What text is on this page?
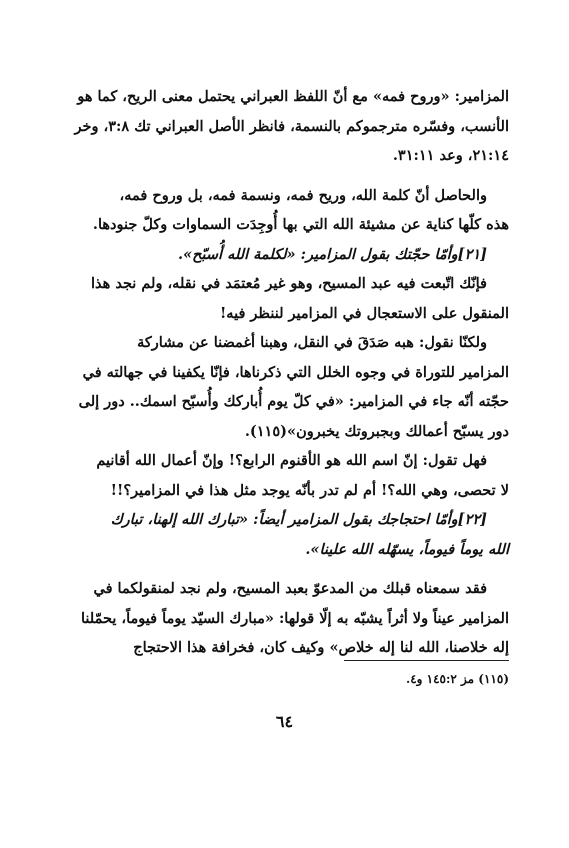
المزامير: «وروح فمه» مع أنّ اللفظ العبراني يحتمل معنى الريح، كما هو
الأنسب، وفسّره مترجموكم بالنسمة، فانظر الأصل العبراني تك ٣:٨، وخر
٢١:١٤، وعد ٣١:١١.
والحاصل أنّ كلمة الله، وريح فمه، ونسمة فمه، بل وروح فمه،
هذه كلّها كناية عن مشيئة الله التي بها أُوجِدَت السماوات وكلّ جنودها.
[٢١]وأمّا حجّتك بقول المزامير: «لكلمة الله أُسبّح».
فإنّك اتّبعت فيه عبد المسيح، وهو غير مُعتمَد في نقله، ولم نجد هذا
المنقول على الاستعجال في المزامير لننظر فيه!
ولكنّا نقول: هبه صَدَقَ في النقل، وهبنا أغمضنا عن مشاركة
المزامير للتوراة في وجوه الخلل التي ذكرناها، فإنّا يكفينا في جهالته في
حجّته أنّه جاء في المزامير: «في كلّ يوم أُباركك وأُسبّح اسمك.. دور إلى
دور يسبّح أعمالك وبجبروتك يخبرون»(١١٥).
فهل تقول: إنّ اسم الله هو الأقنوم الرابع؟! وإنّ أعمال الله أقانيم
لا تحصى، وهي الله؟! أم لم تدر بأنّه يوجد مثل هذا في المزامير؟!!
[٢٢]وأمّا احتجاجك بقول المزامير أيضاً: «تبارك الله إلهنا، تبارك
الله يوماً فيوماً، يسهّله الله علينا».
فقد سمعناه قبلك من المدعوّ بعبد المسيح، ولم نجد لمنقولكما في
المزامير عيناً ولا أثراً يشبّه به إلّا قولها: «مبارك السيّد يوماً فيوماً، يحمّلنا
إله خلاصنا، الله لنا إله خلاص» وكيف كان، فخرافة هذا الاحتجاج
(١١٥) مز ١٤٥:٢ و٤.
٦٤
